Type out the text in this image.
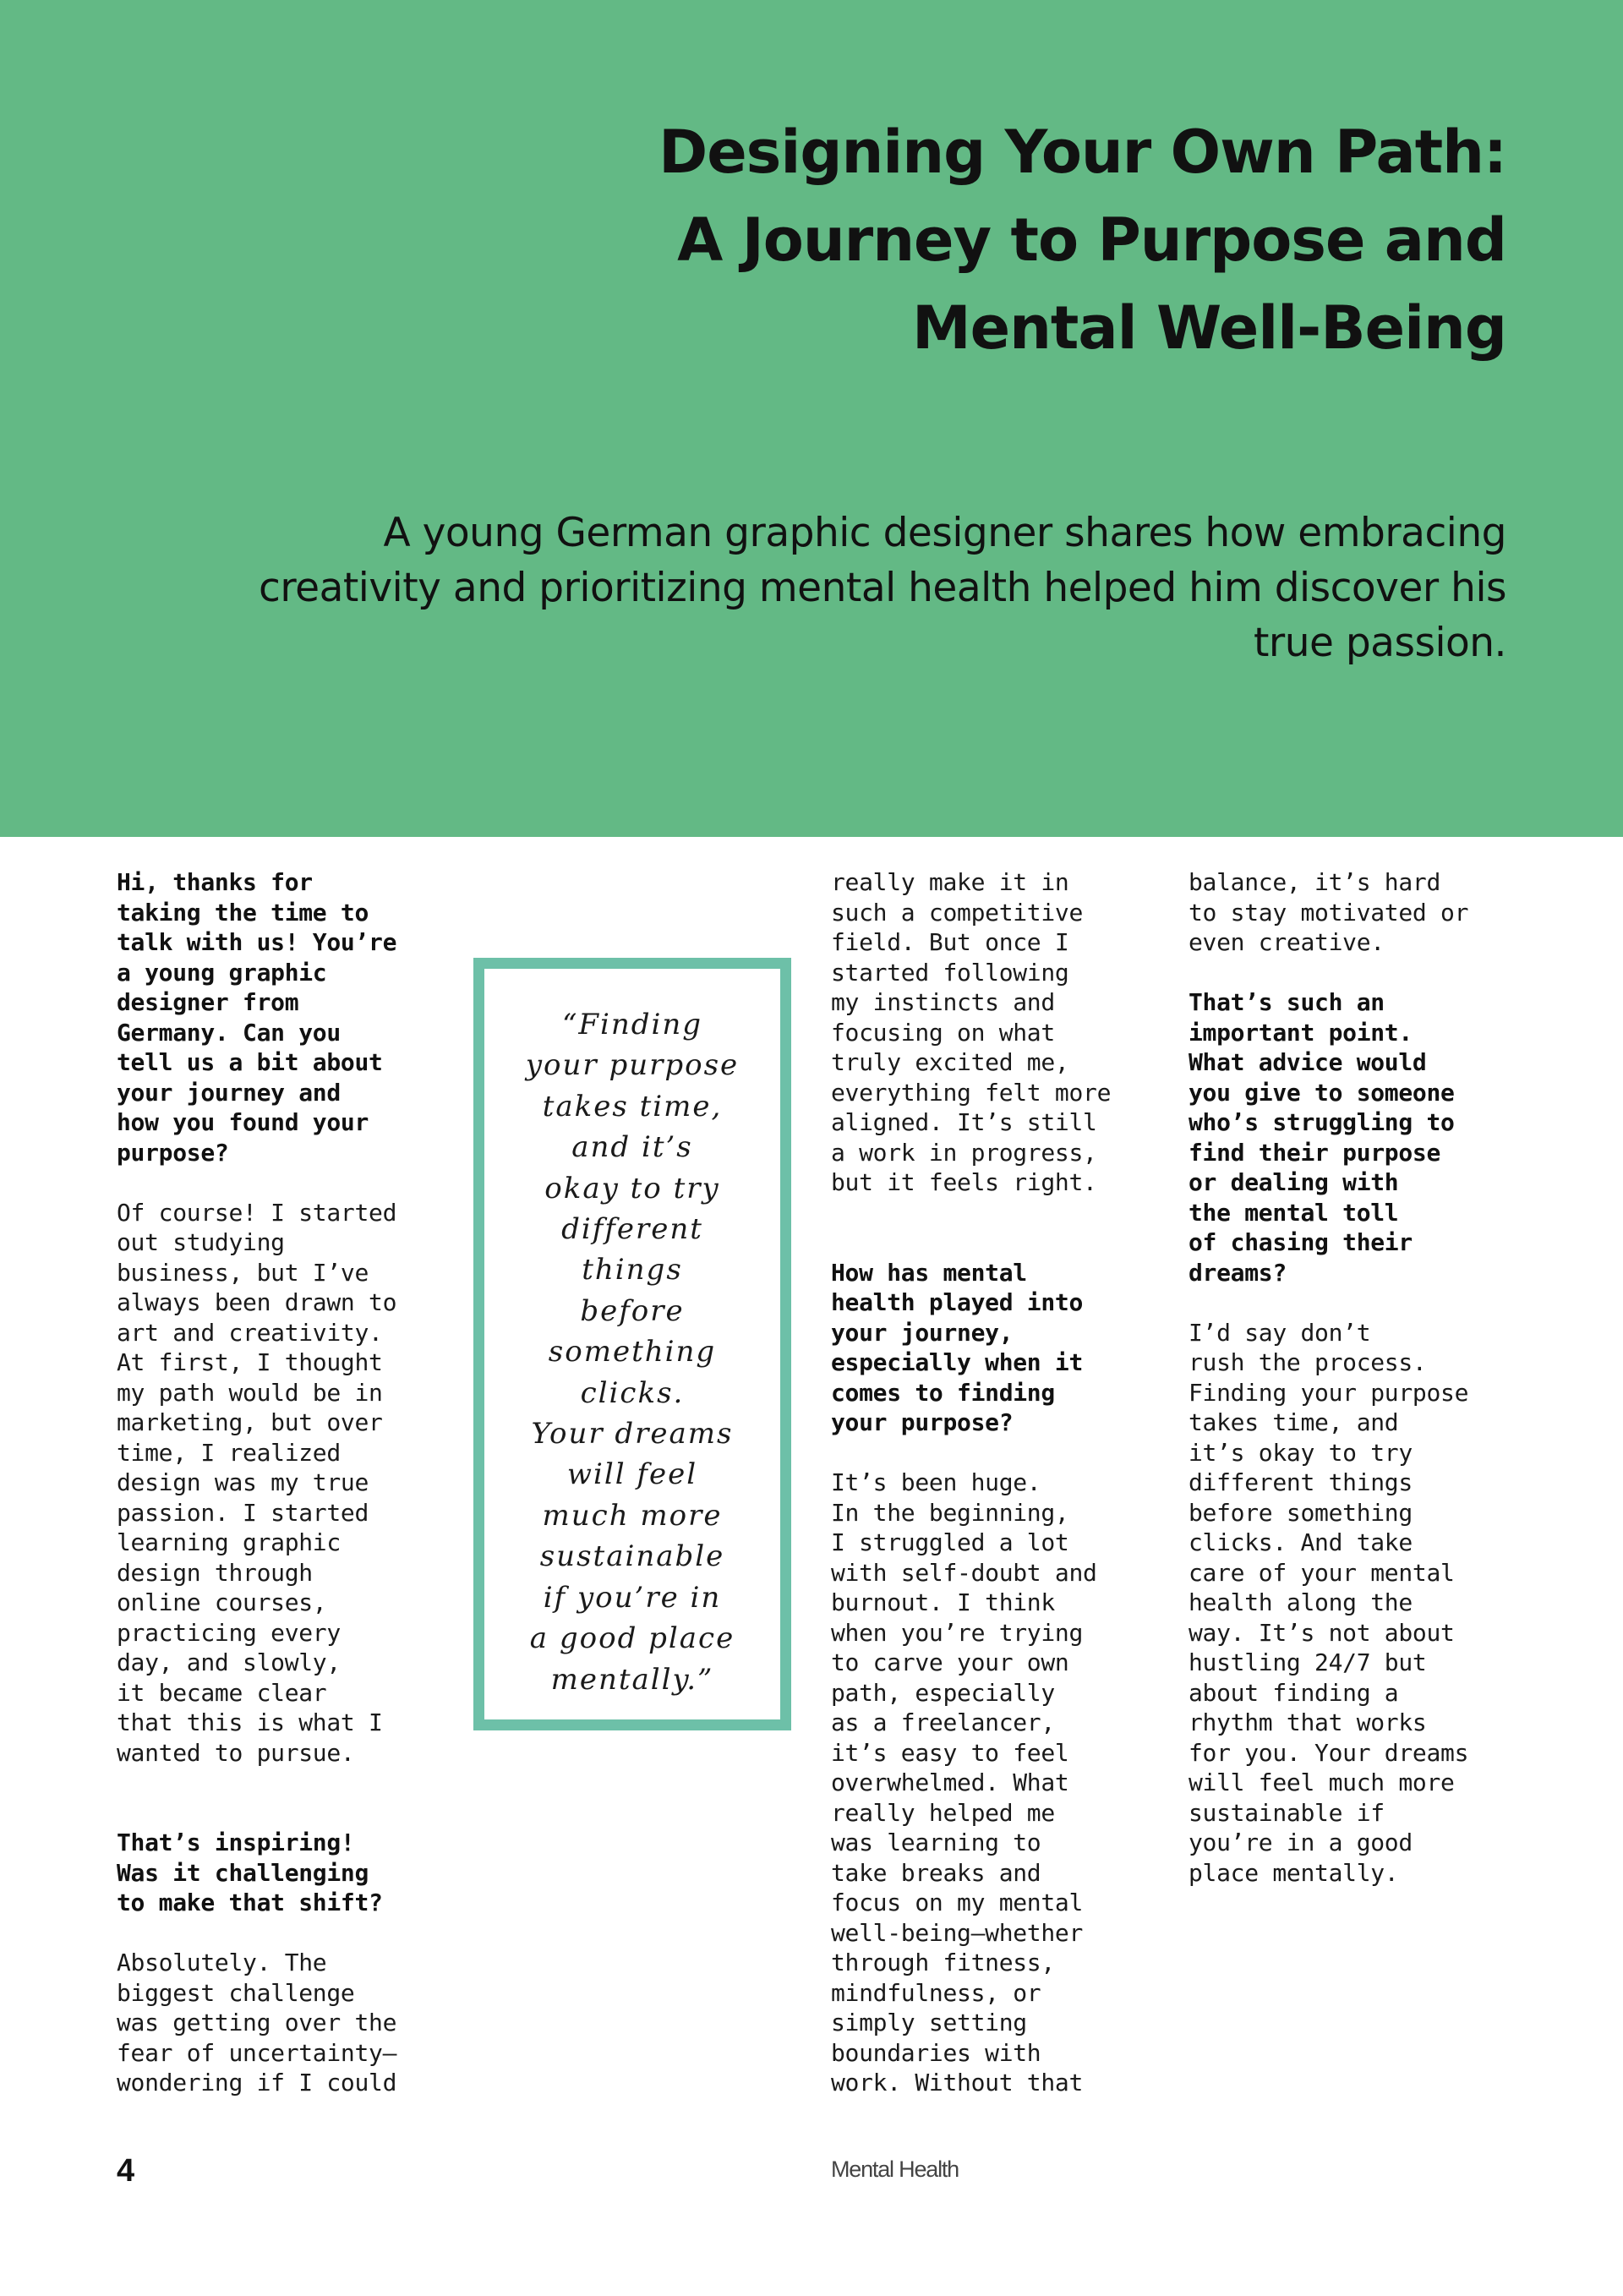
Designing Your Own Path:
A Journey to Purpose and
Mental Well-Being

A young German graphic designer shares how embracing
creativity and prioritizing mental health helped him discover his
true passion.

Hi, thanks for
taking the time to
talk with us! You’re
a young graphic
designer from
Germany. Can you
tell us a bit about
your journey and
how you found your
purpose?
Of course! I started
out studying
business, but I’ve
always been drawn to
art and creativity.
At first, I thought
my path would be in
marketing, but over
time, I realized
design was my true
passion. I started
learning graphic
design through
online courses,
practicing every
day, and slowly,
it became clear
that this is what I
wanted to pursue.
That’s inspiring!
Was it challenging
to make that shift?
Absolutely. The
biggest challenge
was getting over the
fear of uncertainty—
wondering if I could
“Finding
your purpose
takes time,
and it’s
okay to try
different
things
before
something
clicks.
Your dreams
will feel
much more
sustainable
if you’re in
a good place
mentally.”
really make it in
such a competitive
field. But once I
started following
my instincts and
focusing on what
truly excited me,
everything felt more
aligned. It’s still
a work in progress,
but it feels right.
How has mental
health played into
your journey,
especially when it
comes to finding
your purpose?
It’s been huge.
In the beginning,
I struggled a lot
with self-doubt and
burnout. I think
when you’re trying
to carve your own
path, especially
as a freelancer,
it’s easy to feel
overwhelmed. What
really helped me
was learning to
take breaks and
focus on my mental
well-being—whether
through fitness,
mindfulness, or
simply setting
boundaries with
work. Without that
balance, it’s hard
to stay motivated or
even creative.
That’s such an
important point.
What advice would
you give to someone
who’s struggling to
find their purpose
or dealing with
the mental toll
of chasing their
dreams?
I’d say don’t
rush the process.
Finding your purpose
takes time, and
it’s okay to try
different things
before something
clicks. And take
care of your mental
health along the
way. It’s not about
hustling 24/7 but
about finding a
rhythm that works
for you. Your dreams
will feel much more
sustainable if
you’re in a good
place mentally.
4	Mental Health
